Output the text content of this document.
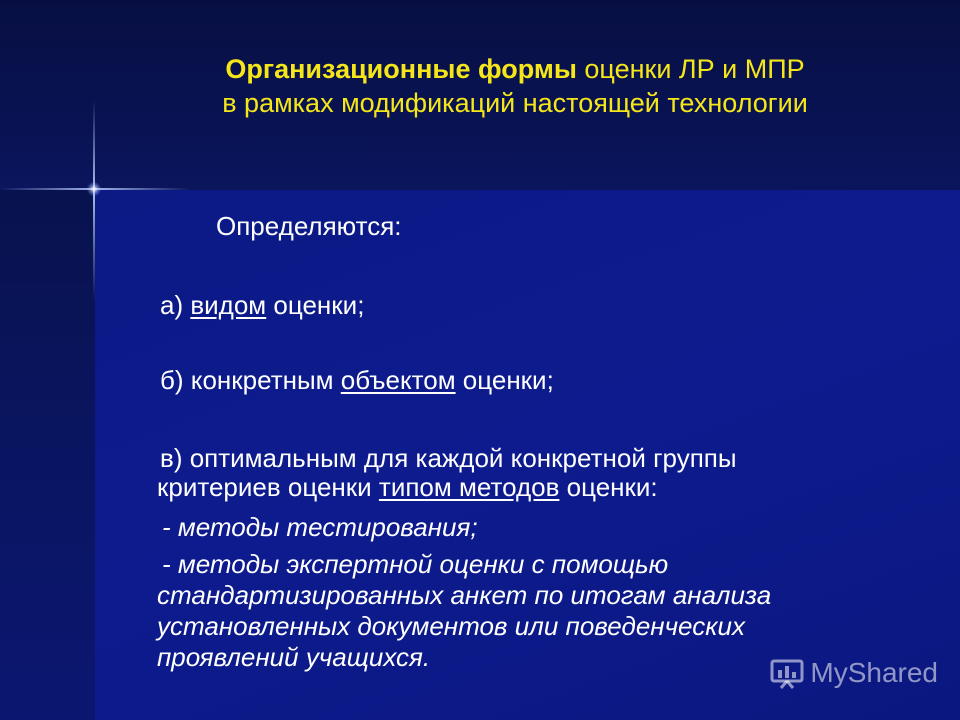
Организационные формы оценки ЛР и МПР
в рамках модификаций настоящей технологии
Определяются:
а) видом оценки;
б) конкретным объектом оценки;
в) оптимальным для каждой конкретной группы
критериев оценки типом методов оценки:
- методы тестирования;
- методы экспертной оценки с помощью
стандартизированных анкет по итогам анализа
установленных документов или поведенческих
проявлений учащихся.	MyShared
